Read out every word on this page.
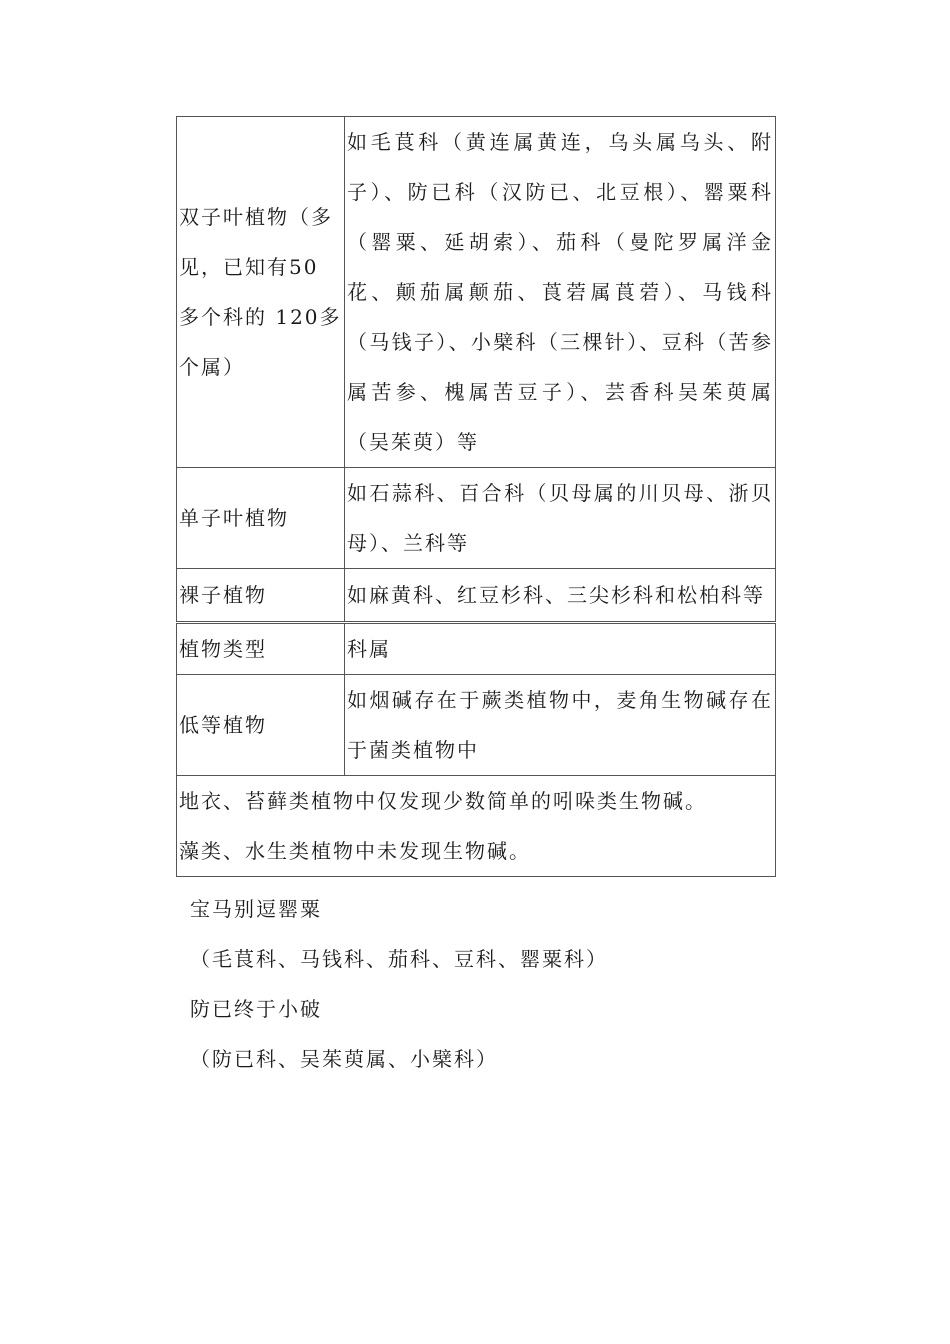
双子叶植物（多见，已知有50 多个科的 120多个属）	如毛茛科（黄连属黄连，乌头属乌头、附子）、防已科（汉防已、北豆根）、罂粟科（罂粟、延胡索）、茄科（曼陀罗属洋金花、颠茄属颠茄、莨菪属莨菪）、马钱科（马钱子）、小檗科（三棵针）、豆科（苦参属苦参、槐属苦豆子）、芸香科吴茱萸属（吴茱萸）等

单子叶植物	如石蒜科、百合科（贝母属的川贝母、浙贝母）、兰科等

裸子植物	如麻黄科、红豆杉科、三尖杉科和松柏科等

植物类型	科属

低等植物	如烟碱存在于蕨类植物中，麦角生物碱存在于菌类植物中

地衣、苔藓类植物中仅发现少数简单的吲哚类生物碱。
藻类、水生类植物中未发现生物碱。	
宝马别逗罂粟
（毛茛科、马钱科、茄科、豆科、罂粟科）
防已终于小破
（防已科、吴茱萸属、小檗科）
